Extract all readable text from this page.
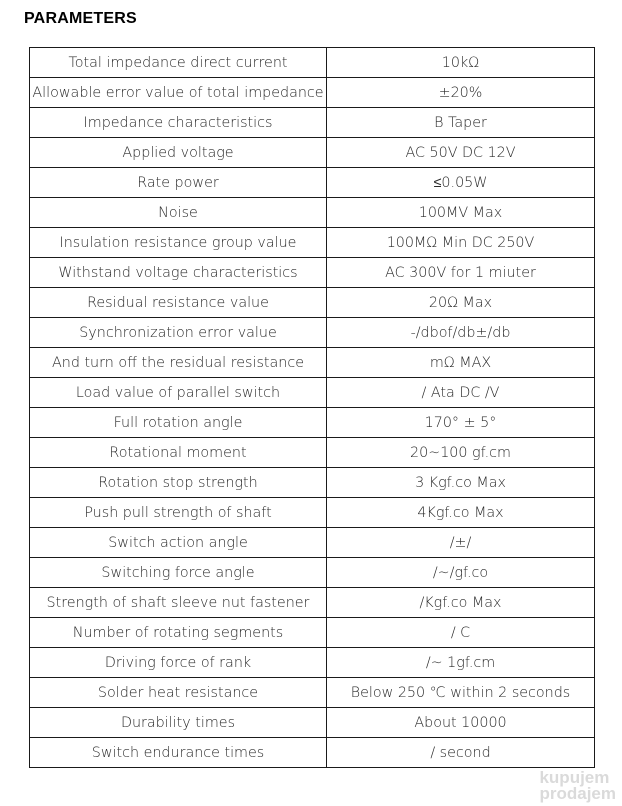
PARAMETERS
Total impedance direct current	10kΩ
Allowable error value of total impedance	±20%
Impedance characteristics	B Taper
Applied voltage	AC 50V DC 12V
Rate power	≤0.05W
Noise	100MV Max
Insulation resistance group value	100MΩ Min DC 250V
Withstand voltage characteristics	AC 300V for 1 miuter
Residual resistance value	20Ω Max
Synchronization error value	-/dbof/db±/db
And turn off the residual resistance	mΩ MAX
Load value of parallel switch	/ Ata DC /V
Full rotation angle	170° ± 5°
Rotational moment	20~100 gf.cm
Rotation stop strength	3 Kgf.co Max
Push pull strength of shaft	4Kgf.co Max
Switch action angle	/±/
Switching force angle	/~/gf.co
Strength of shaft sleeve nut fastener	/Kgf.co Max
Number of rotating segments	/ C
Driving force of rank	/~ 1gf.cm
Solder heat resistance	Below 250 ℃ within 2 seconds
Durability times	About 10000
Switch endurance times	/ second
kupujem
prodajem
